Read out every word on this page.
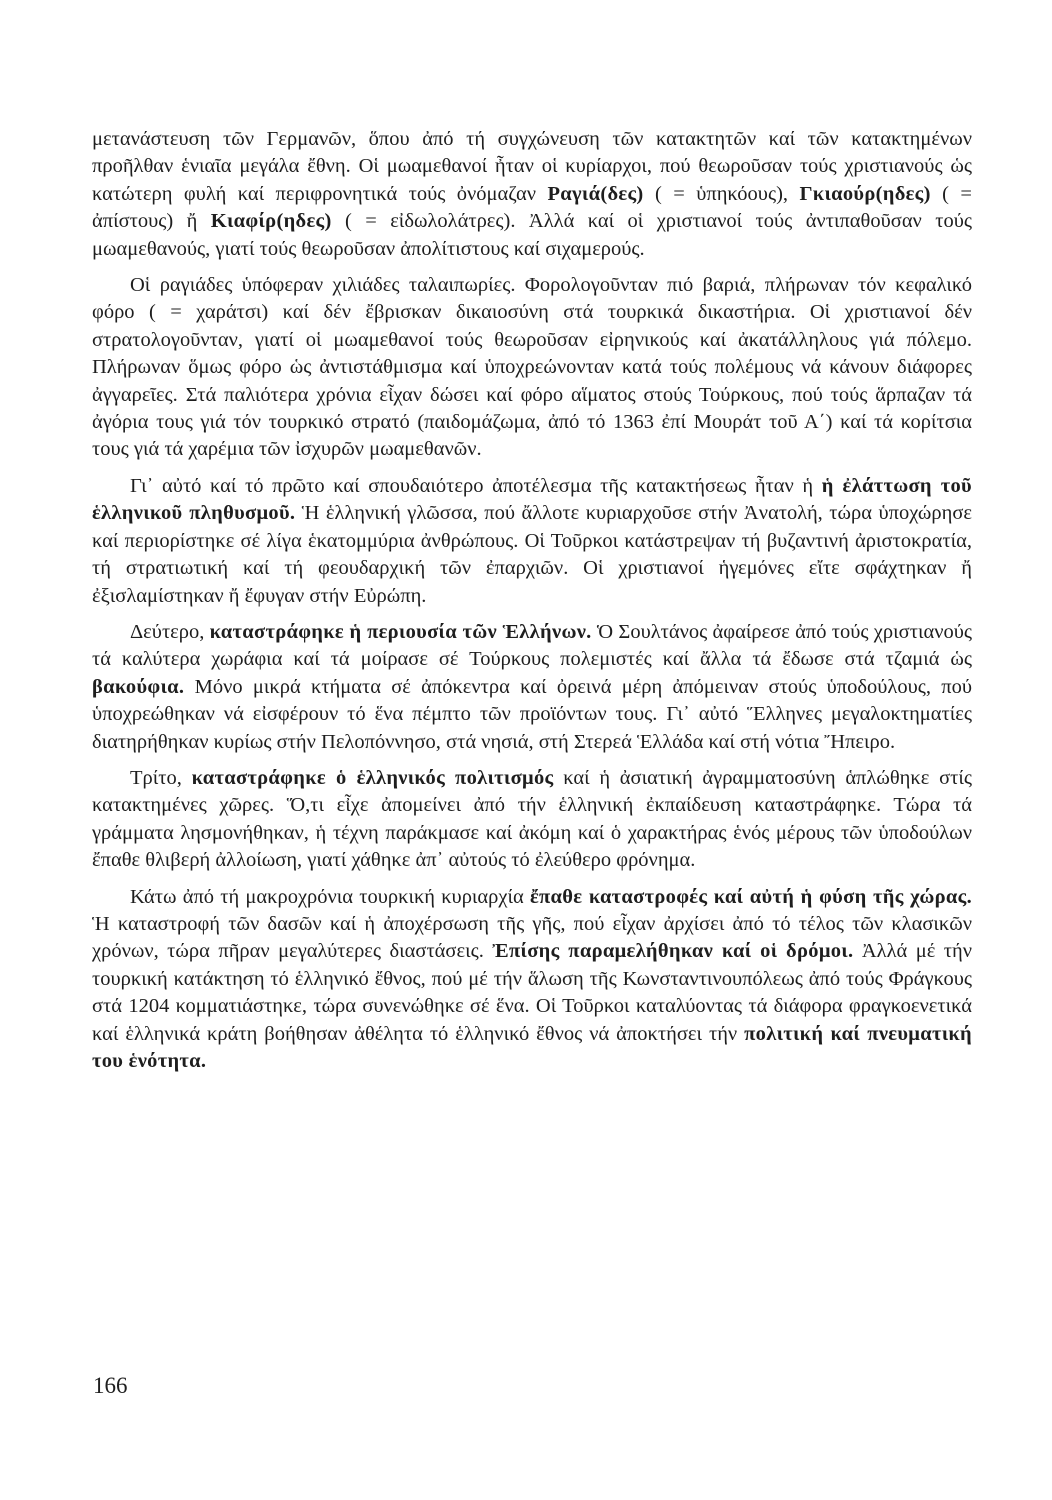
μετανάστευση τῶν Γερμανῶν, ὅπου ἀπό τή συγχώνευση τῶν κατακτητῶν καί τῶν κατακτημένων προῆλθαν ἑνιαῖα μεγάλα ἔθνη. Οἱ μωαμεθανοί ἦταν οἱ κυρίαρχοι, πού θεωροῦσαν τούς χριστιανούς ὡς κατώτερη φυλή καί περιφρονητικά τούς ὀνόμαζαν Ραγιά(δες) ( = ὑπηκόους), Γκιαούρ(ηδες) ( = ἀπίστους) ἤ Κιαφίρ(ηδες) ( = εἰδωλολάτρες). Ἀλλά καί οἱ χριστιανοί τούς ἀντιπαθοῦσαν τούς μωαμεθανούς, γιατί τούς θεωροῦσαν ἀπολίτιστους καί σιχαμερούς.

Οἱ ραγιάδες ὑπόφεραν χιλιάδες ταλαιπωρίες. Φορολογοῦνταν πιό βαριά, πλήρωναν τόν κεφαλικό φόρο ( = χαράτσι) καί δέν ἔβρισκαν δικαιοσύνη στά τουρκικά δικαστήρια. Οἱ χριστιανοί δέν στρατολογοῦνταν, γιατί οἱ μωαμεθανοί τούς θεωροῦσαν εἰρηνικούς καί ἀκατάλληλους γιά πόλεμο. Πλήρωναν ὅμως φόρο ὡς ἀντιστάθμισμα καί ὑποχρεώνονταν κατά τούς πολέμους νά κάνουν διάφορες ἀγγαρεῖες. Στά παλιότερα χρόνια εἶχαν δώσει καί φόρο αἵματος στούς Τούρκους, πού τούς ἅρπαζαν τά ἀγόρια τους γιά τόν τουρκικό στρατό (παιδομάζωμα, ἀπό τό 1363 ἐπί Μουράτ τοῦ Α΄) καί τά κορίτσια τους γιά τά χαρέμια τῶν ἰσχυρῶν μωαμεθανῶν.

Γι᾽ αὐτό καί τό πρῶτο καί σπουδαιότερο ἀποτέλεσμα τῆς κατακτήσεως ἦταν ἡ ἡ ἐλάττωση τοῦ ἑλληνικοῦ πληθυσμοῦ. Ἡ ἑλληνική γλῶσσα, πού ἄλλοτε κυριαρχοῦσε στήν Ἀνατολή, τώρα ὑποχώρησε καί περιορίστηκε σέ λίγα ἑκατομμύρια ἀνθρώπους. Οἱ Τοῦρκοι κατάστρεψαν τή βυζαντινή ἀριστοκρατία, τή στρατιωτική καί τή φεουδαρχική τῶν ἐπαρχιῶν. Οἱ χριστιανοί ἡγεμόνες εἴτε σφάχτηκαν ἤ ἐξισλαμίστηκαν ἤ ἔφυγαν στήν Εὐρώπη.

Δεύτερο, καταστράφηκε ἡ περιουσία τῶν Ἑλλήνων. Ὁ Σουλτάνος ἀφαίρεσε ἀπό τούς χριστιανούς τά καλύτερα χωράφια καί τά μοίρασε σέ Τούρκους πολεμιστές καί ἄλλα τά ἔδωσε στά τζαμιά ὡς βακούφια. Μόνο μικρά κτήματα σέ ἀπόκεντρα καί ὀρεινά μέρη ἀπόμειναν στούς ὑποδούλους, πού ὑποχρεώθηκαν νά εἰσφέρουν τό ἕνα πέμπτο τῶν προϊόντων τους. Γι᾽ αὐτό Ἕλληνες μεγαλοκτηματίες διατηρήθηκαν κυρίως στήν Πελοπόννησο, στά νησιά, στή Στερεά Ἑλλάδα καί στή νότια Ἤπειρο.

Τρίτο, καταστράφηκε ὁ ἑλληνικός πολιτισμός καί ἡ ἀσιατική ἀγραμματοσύνη ἁπλώθηκε στίς κατακτημένες χῶρες. Ὅ,τι εἶχε ἀπομείνει ἀπό τήν ἑλληνική ἐκπαίδευση καταστράφηκε. Τώρα τά γράμματα λησμονήθηκαν, ἡ τέχνη παράκμασε καί ἀκόμη καί ὁ χαρακτήρας ἑνός μέρους τῶν ὑποδούλων ἔπαθε θλιβερή ἀλλοίωση, γιατί χάθηκε ἀπ᾽ αὐτούς τό ἐλεύθερο φρόνημα.

Κάτω ἀπό τή μακροχρόνια τουρκική κυριαρχία ἔπαθε καταστροφές καί αὐτή ἡ φύση τῆς χώρας. Ἡ καταστροφή τῶν δασῶν καί ἡ ἀποχέρσωση τῆς γῆς, πού εἶχαν ἀρχίσει ἀπό τό τέλος τῶν κλασικῶν χρόνων, τώρα πῆραν μεγαλύτερες διαστάσεις. Ἐπίσης παραμελήθηκαν καί οἱ δρόμοι. Ἀλλά μέ τήν τουρκική κατάκτηση τό ἑλληνικό ἔθνος, πού μέ τήν ἅλωση τῆς Κωνσταντινουπόλεως ἀπό τούς Φράγκους στά 1204 κομματιάστηκε, τώρα συνενώθηκε σέ ἕνα. Οἱ Τοῦρκοι καταλύοντας τά διάφορα φραγκοενετικά καί ἑλληνικά κράτη βοήθησαν ἀθέλητα τό ἑλληνικό ἔθνος νά ἀποκτήσει τήν πολιτική καί πνευματική του ἑνότητα.

166
